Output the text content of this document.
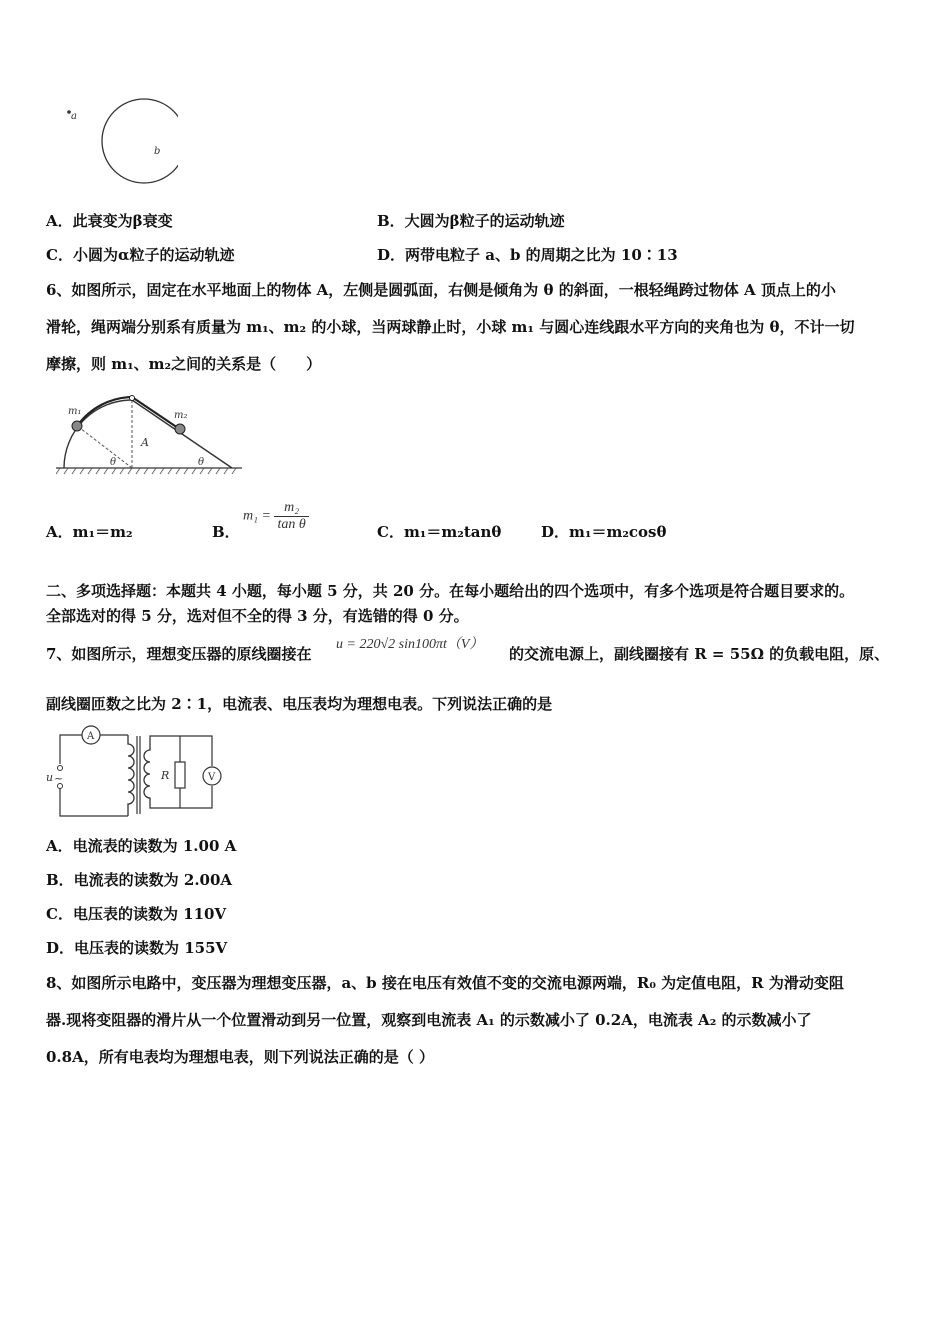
a
b
A．此衰变为β衰变	B．大圆为β粒子的运动轨迹
C．小圆为α粒子的运动轨迹	D．两带电粒子 a、b 的周期之比为 10∶13
6、如图所示，固定在水平地面上的物体 A，左侧是圆弧面，右侧是倾角为 θ 的斜面，一根轻绳跨过物体 A 顶点上的小
滑轮，绳两端分别系有质量为 m₁、m₂ 的小球，当两球静止时，小球 m₁ 与圆心连线跟水平方向的夹角也为 θ，不计一切
摩擦，则 m₁、m₂之间的关系是（　　）
m₁	m₂
A
θ	θ
A．m₁＝m₂	B．
$m_1 = \frac{\text{m₂}}{\text{tan θ}}$	C．m₁＝m₂tanθ	D．m₁＝m₂cosθ
二、多项选择题：本题共 4 小题，每小题 5 分，共 20 分。在每小题给出的四个选项中，有多个选项是符合题目要求的。
全部选对的得 5 分，选对但不全的得 3 分，有选错的得 0 分。
7、如图所示，理想变压器的原线圈接在
u = 220√2 sin100πt（V）
的交流电源上，副线圈接有 R = 55Ω 的负载电阻，原、
副线圈匝数之比为 2∶1，电流表、电压表均为理想电表。下列说法正确的是
u ~
A
R	V
A．电流表的读数为 1.00 A
B．电流表的读数为 2.00A
C．电压表的读数为 110V
D．电压表的读数为 155V
8、如图所示电路中，变压器为理想变压器，a、b 接在电压有效值不变的交流电源两端，R₀ 为定值电阻，R 为滑动变阻
器.现将变阻器的滑片从一个位置滑动到另一位置，观察到电流表 A₁ 的示数减小了 0.2A，电流表 A₂ 的示数减小了
0.8A，所有电表均为理想电表，则下列说法正确的是（ ）
